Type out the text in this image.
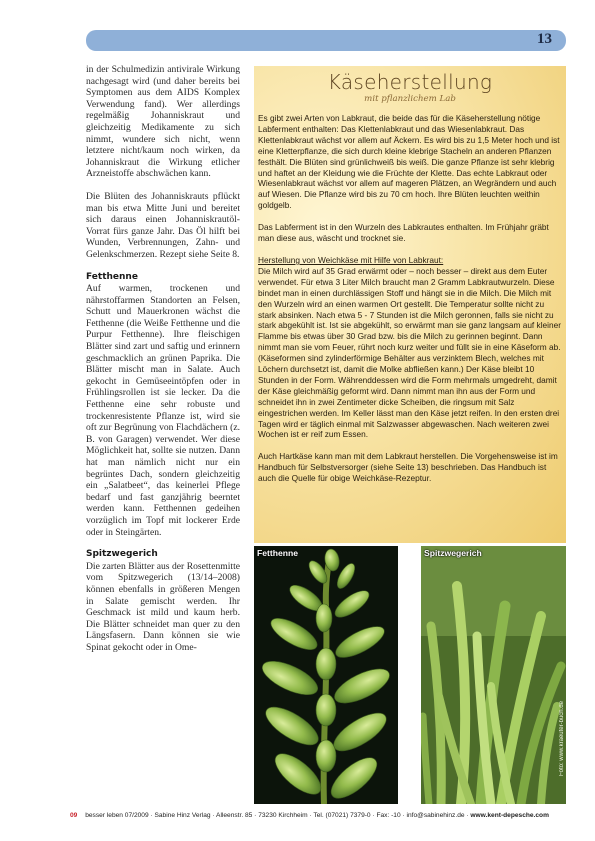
13

in der Schulmedizin antivirale Wirkung nachgesagt wird (und daher bereits bei Symptomen aus dem AIDS Komplex Verwendung fand). Wer allerdings regelmäßig Johanniskraut und gleichzeitig Medikamente zu sich nimmt, wundere sich nicht, wenn letztere nicht/kaum noch wirken, da Johanniskraut die Wirkung etlicher Arzneistoffe abschwächen kann.

Die Blüten des Johanniskrauts pflückt man bis etwa Mitte Juni und bereitet sich daraus einen Johanniskrautöl-Vorrat fürs ganze Jahr. Das Öl hilft bei Wunden, Verbrennungen, Zahn- und Gelenkschmerzen. Rezept siehe Seite 8.

Fetthenne

Auf warmen, trockenen und nährstoffarmen Standorten an Felsen, Schutt und Mauerkronen wächst die Fetthenne (die Weiße Fetthenne und die Purpur Fetthenne). Ihre fleischigen Blätter sind zart und saftig und erinnern geschmacklich an grünen Paprika. Die Blätter mischt man in Salate. Auch gekocht in Gemüseeintöpfen oder in Frühlingsrollen ist sie lecker. Da die Fetthenne eine sehr robuste und trockenresistente Pflanze ist, wird sie oft zur Begrünung von Flachdächern (z. B. von Garagen) verwendet. Wer diese Möglichkeit hat, sollte sie nutzen. Dann hat man nämlich nicht nur ein begrüntes Dach, sondern gleichzeitig ein „Salatbeet“, das keinerlei Pflege bedarf und fast ganzjährig beerntet werden kann. Fetthennen gedeihen vorzüglich im Topf mit lockerer Erde oder in Steingärten.

Spitzwegerich

Die zarten Blätter aus der Rosettenmitte vom Spitzwegerich (13/14–2008) können ebenfalls in größeren Mengen in Salate gemischt werden. Ihr Geschmack ist mild und kaum herb. Die Blätter schneidet man quer zu den Längsfasern. Dann können sie wie Spinat gekocht oder in Ome-

Käseherstellung
mit pflanzlichem Lab

Es gibt zwei Arten von Labkraut, die beide das für die Käseherstellung nötige Labferment enthalten: Das Klettenlabkraut und das Wiesenlabkraut. Das Klettenlabkraut wächst vor allem auf Äckern. Es wird bis zu 1,5 Meter hoch und ist eine Kletterpflanze, die sich durch kleine klebrige Stacheln an anderen Pflanzen festhält. Die Blüten sind grünlichweiß bis weiß. Die ganze Pflanze ist sehr klebrig und haftet an der Kleidung wie die Früchte der Klette. Das echte Labkraut oder Wiesenlabkraut wächst vor allem auf mageren Plätzen, an Wegrändern und auch auf Wiesen. Die Pflanze wird bis zu 70 cm hoch. Ihre Blüten leuchten weithin goldgelb.

Das Labferment ist in den Wurzeln des Labkrautes enthalten. Im Frühjahr gräbt man diese aus, wäscht und trocknet sie.

Herstellung von Weichkäse mit Hilfe von Labkraut:
Die Milch wird auf 35 Grad erwärmt oder – noch besser – direkt aus dem Euter verwendet. Für etwa 3 Liter Milch braucht man 2 Gramm Labkrautwurzeln. Diese bindet man in einen durchlässigen Stoff und hängt sie in die Milch. Die Milch mit den Wurzeln wird an einen warmen Ort gestellt. Die Temperatur sollte nicht zu stark absinken. Nach etwa 5 - 7 Stunden ist die Milch geronnen, falls sie nicht zu stark abgekühlt ist. Ist sie abgekühlt, so erwärmt man sie ganz langsam auf kleiner Flamme bis etwas über 30 Grad bzw. bis die Milch zu gerinnen beginnt. Dann nimmt man sie vom Feuer, rührt noch kurz weiter und füllt sie in eine Käseform ab. (Käseformen sind zylinderförmige Behälter aus verzinktem Blech, welches mit Löchern durchsetzt ist, damit die Molke abfließen kann.) Der Käse bleibt 10 Stunden in der Form. Währenddessen wird die Form mehrmals umgedreht, damit der Käse gleichmäßig geformt wird. Dann nimmt man ihn aus der Form und schneidet ihn in zwei Zentimeter dicke Scheiben, die ringsum mit Salz eingestrichen werden. Im Keller lässt man den Käse jetzt reifen. In den ersten drei Tagen wird er täglich einmal mit Salzwasser abgewaschen. Nach weiteren zwei Wochen ist er reif zum Essen.

Auch Hartkäse kann man mit dem Labkraut herstellen. Die Vorgehensweise ist im Handbuch für Selbstversorger (siehe Seite 13) beschrieben. Das Handbuch ist auch die Quelle für obige Weichkäse-Rezeptur.

Fetthenne	Spitzwegerich
Foto: www.kraeuter-buch.de
09 besser leben 07/2009 · Sabine Hinz Verlag · Alleenstr. 85 · 73230 Kirchheim · Tel. (07021) 7379-0 · Fax: -10 · info@sabinehinz.de · www.kent-depesche.com
